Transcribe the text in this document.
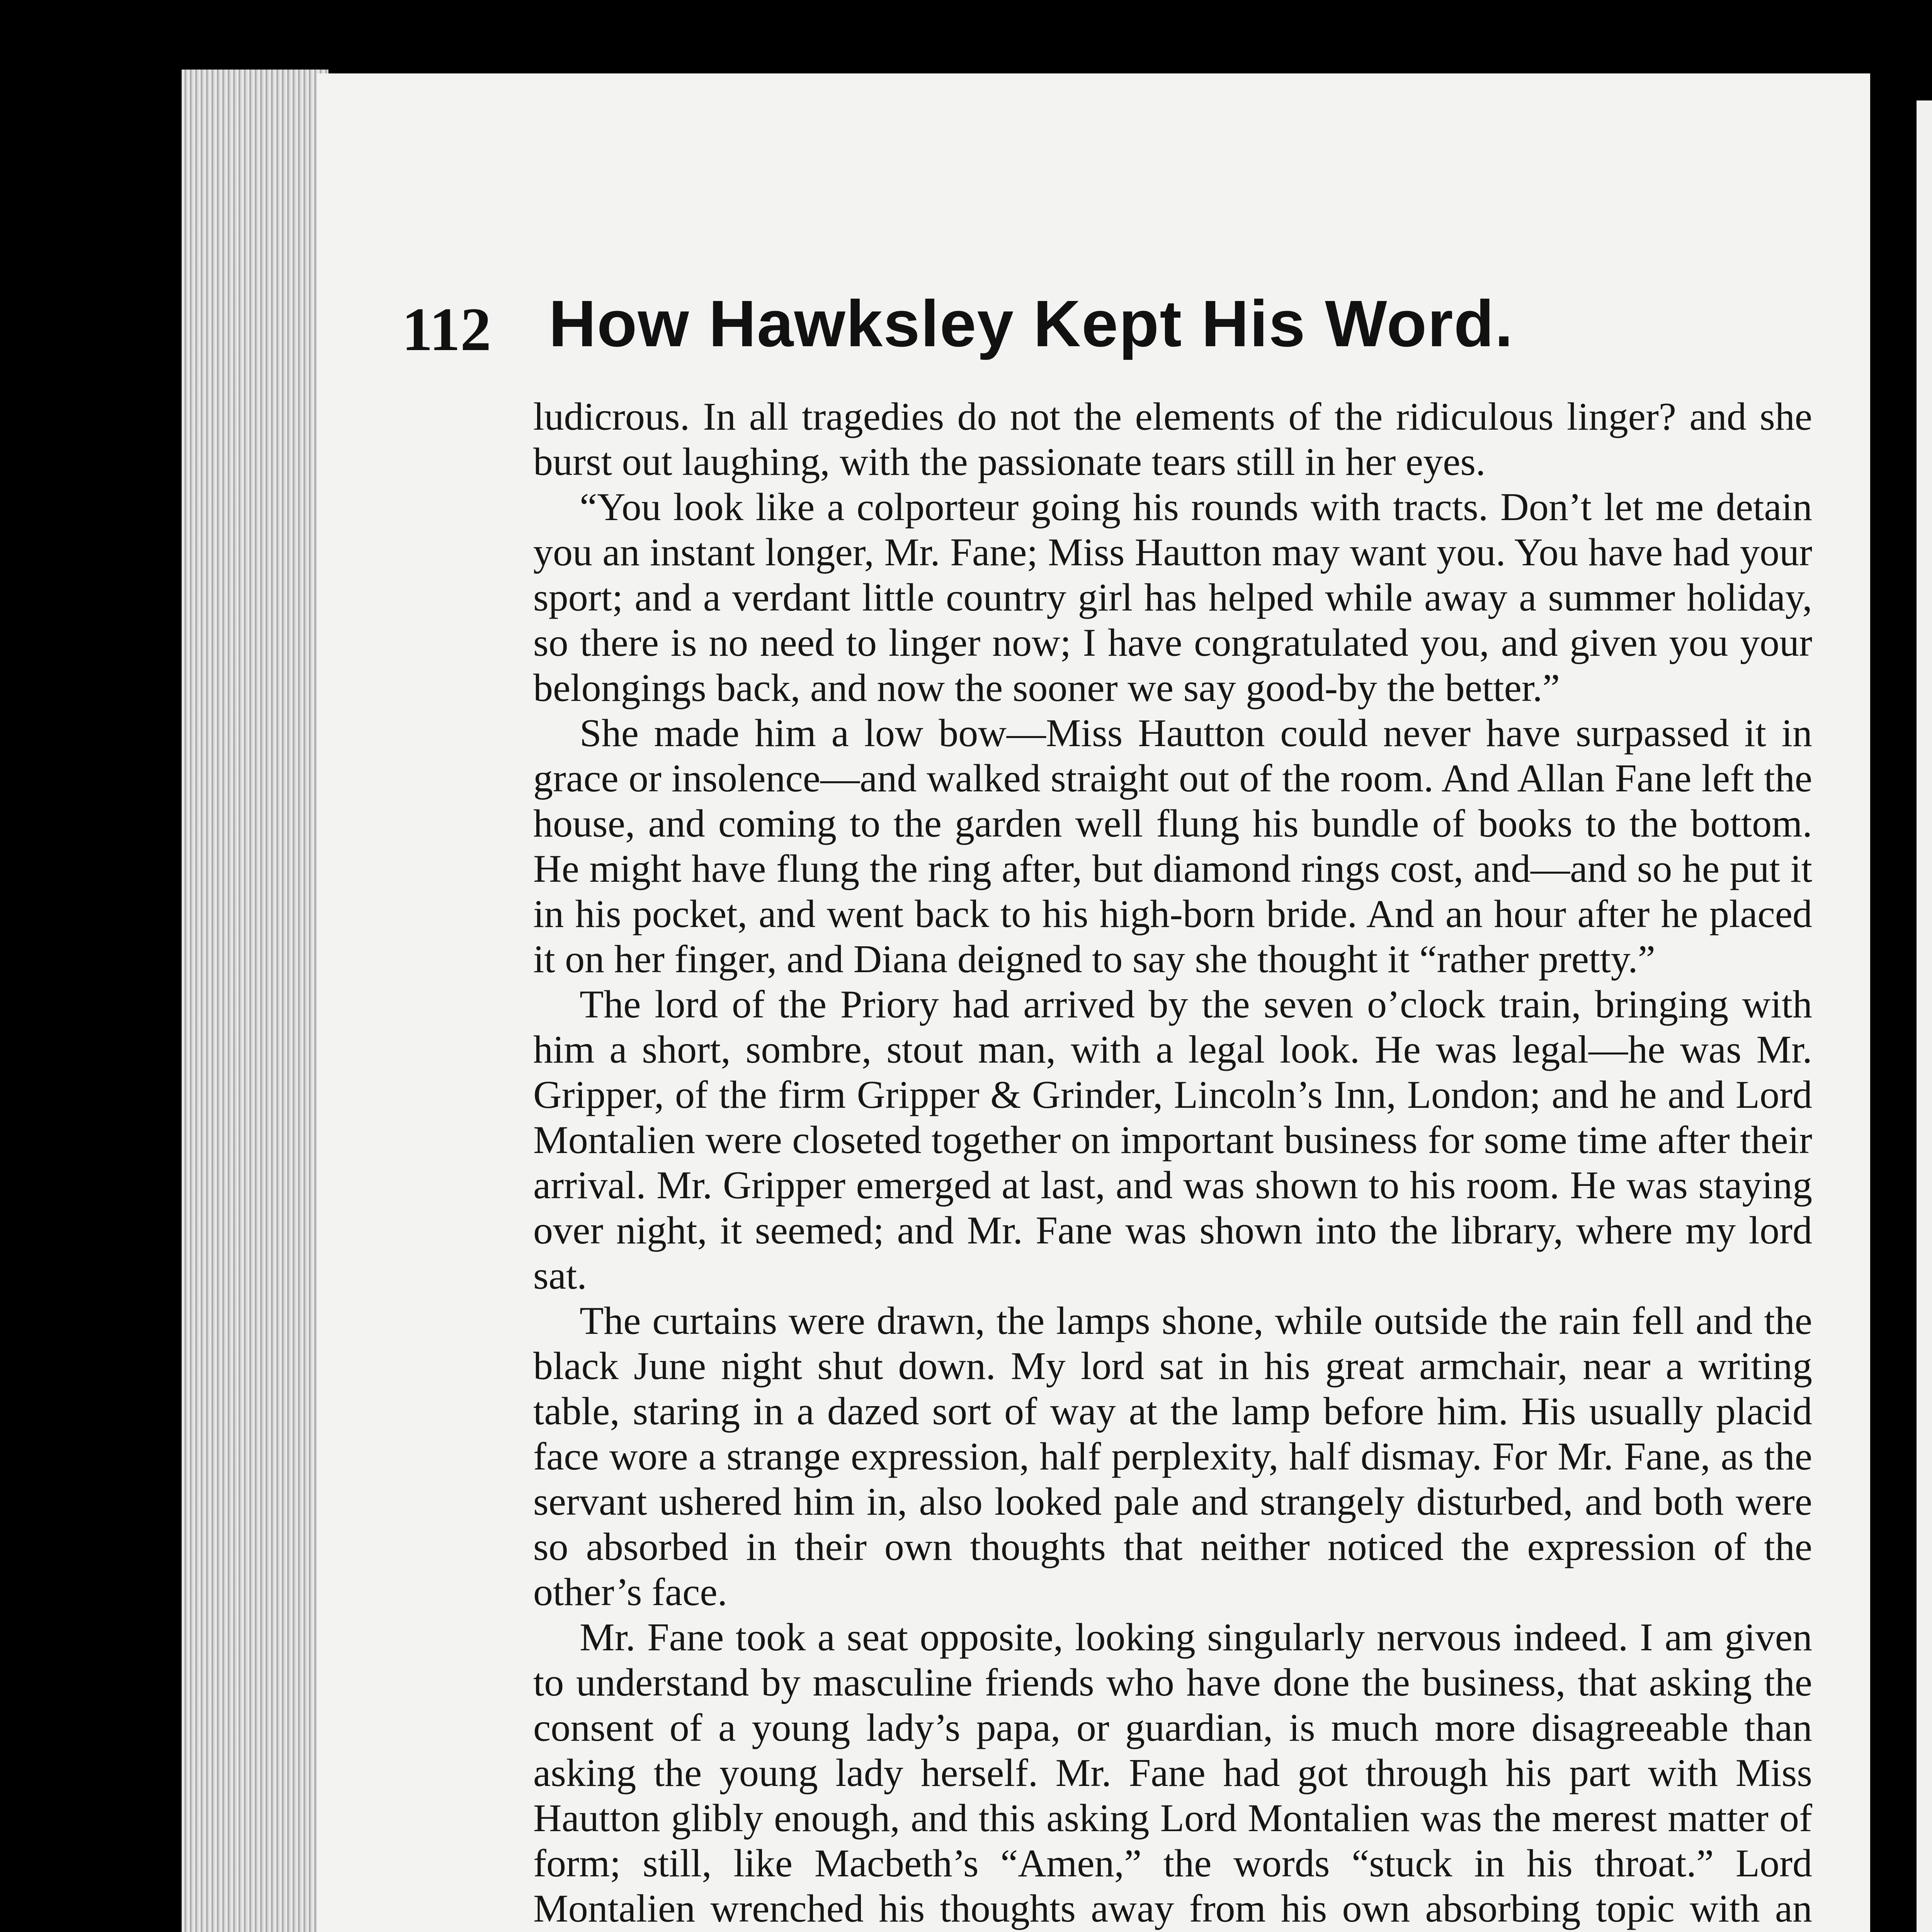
112 How Hawksley Kept His Word.

ludicrous. In all tragedies do not the elements of the ridiculous linger? and she burst out laughing, with the passionate tears still in her eyes.

“You look like a colporteur going his rounds with tracts. Don’t let me detain you an instant longer, Mr. Fane; Miss Hautton may want you. You have had your sport; and a verdant little country girl has helped while away a summer holiday, so there is no need to linger now; I have congratulated you, and given you your belongings back, and now the sooner we say good-by the better.”

She made him a low bow—Miss Hautton could never have surpassed it in grace or insolence—and walked straight out of the room. And Allan Fane left the house, and coming to the garden well flung his bundle of books to the bottom. He might have flung the ring after, but diamond rings cost, and—and so he put it in his pocket, and went back to his high-born bride. And an hour after he placed it on her finger, and Diana deigned to say she thought it “rather pretty.”

The lord of the Priory had arrived by the seven o’clock train, bringing with him a short, sombre, stout man, with a legal look. He was legal—he was Mr. Gripper, of the firm Gripper & Grinder, Lincoln’s Inn, London; and he and Lord Montalien were closeted together on important business for some time after their arrival. Mr. Gripper emerged at last, and was shown to his room. He was staying over night, it seemed; and Mr. Fane was shown into the library, where my lord sat.

The curtains were drawn, the lamps shone, while outside the rain fell and the black June night shut down. My lord sat in his great armchair, near a writing table, staring in a dazed sort of way at the lamp before him. His usually placid face wore a strange expression, half perplexity, half dismay. For Mr. Fane, as the servant ushered him in, also looked pale and strangely disturbed, and both were so absorbed in their own thoughts that neither noticed the expression of the other’s face.

Mr. Fane took a seat opposite, looking singularly nervous indeed. I am given to understand by masculine friends who have done the business, that asking the consent of a young lady’s papa, or guardian, is much more disagreeable than asking the young lady herself. Mr. Fane had got through his part with Miss Hautton glibly enough, and this asking Lord Montalien was the merest matter of form; still, like Macbeth’s “Amen,” the words “stuck in his throat.” Lord Montalien wrenched his thoughts away from his own absorbing topic with an
